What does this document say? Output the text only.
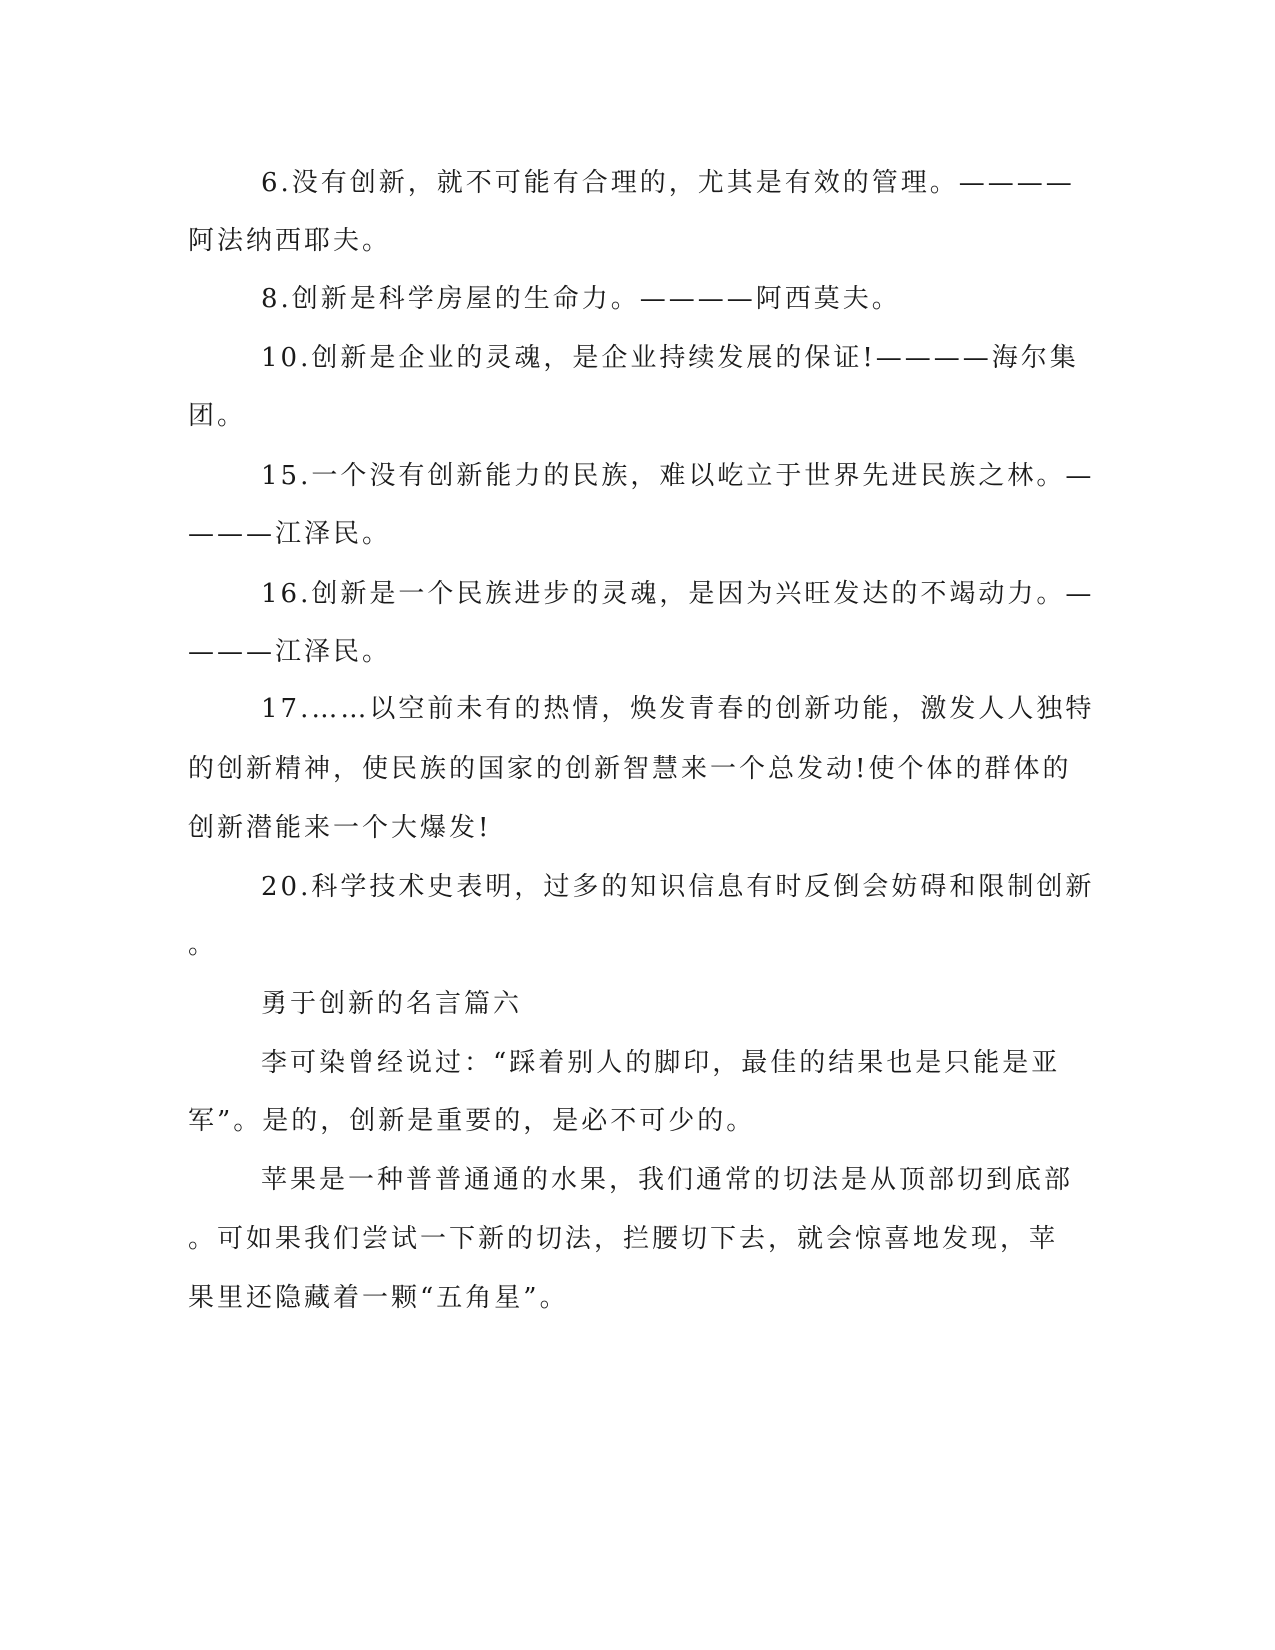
6.没有创新，就不可能有合理的，尤其是有效的管理。————
阿法纳西耶夫。
8.创新是科学房屋的生命力。————阿西莫夫。
10.创新是企业的灵魂，是企业持续发展的保证!————海尔集
团。
15.一个没有创新能力的民族，难以屹立于世界先进民族之林。—
———江泽民。
16.创新是一个民族进步的灵魂，是因为兴旺发达的不竭动力。—
———江泽民。
17.……以空前未有的热情，焕发青春的创新功能，激发人人独特
的创新精神，使民族的国家的创新智慧来一个总发动!使个体的群体的
创新潜能来一个大爆发!
20.科学技术史表明，过多的知识信息有时反倒会妨碍和限制创新
。
勇于创新的名言篇六
李可染曾经说过：“踩着别人的脚印，最佳的结果也是只能是亚
军”。是的，创新是重要的，是必不可少的。
苹果是一种普普通通的水果，我们通常的切法是从顶部切到底部
。可如果我们尝试一下新的切法，拦腰切下去，就会惊喜地发现，苹
果里还隐藏着一颗“五角星”。
